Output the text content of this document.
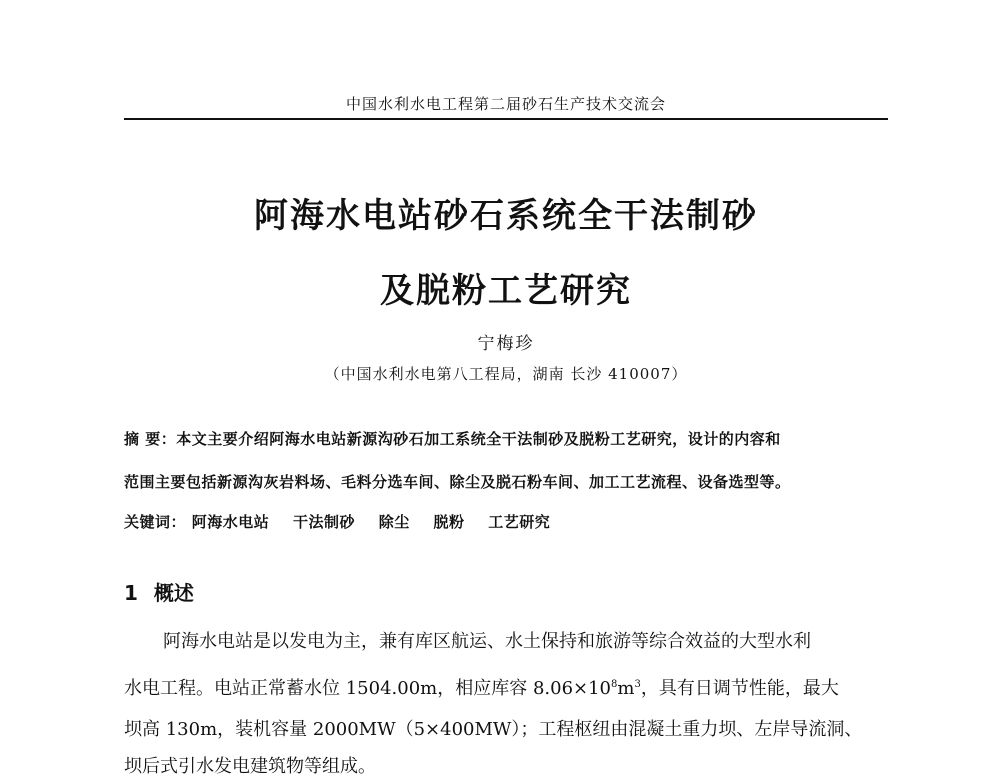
中国水利水电工程第二届砂石生产技术交流会
阿海水电站砂石系统全干法制砂
及脱粉工艺研究
宁梅珍
（中国水利水电第八工程局，湖南 长沙 410007）
摘 要：本文主要介绍阿海水电站新源沟砂石加工系统全干法制砂及脱粉工艺研究，设计的内容和
范围主要包括新源沟灰岩料场、毛料分选车间、除尘及脱石粉车间、加工工艺流程、设备选型等。
关键词： 阿海水电站 干法制砂 除尘 脱粉 工艺研究
1 概述
阿海水电站是以发电为主，兼有库区航运、水土保持和旅游等综合效益的大型水利
水电工程。电站正常蓄水位 1504.00m，相应库容 $8.06\times 10^8m^3$，具有日调节性能，最大
坝高 130m，装机容量 2000MW（5×400MW）；工程枢纽由混凝土重力坝、左岸导流洞、
坝后式引水发电建筑物等组成。
